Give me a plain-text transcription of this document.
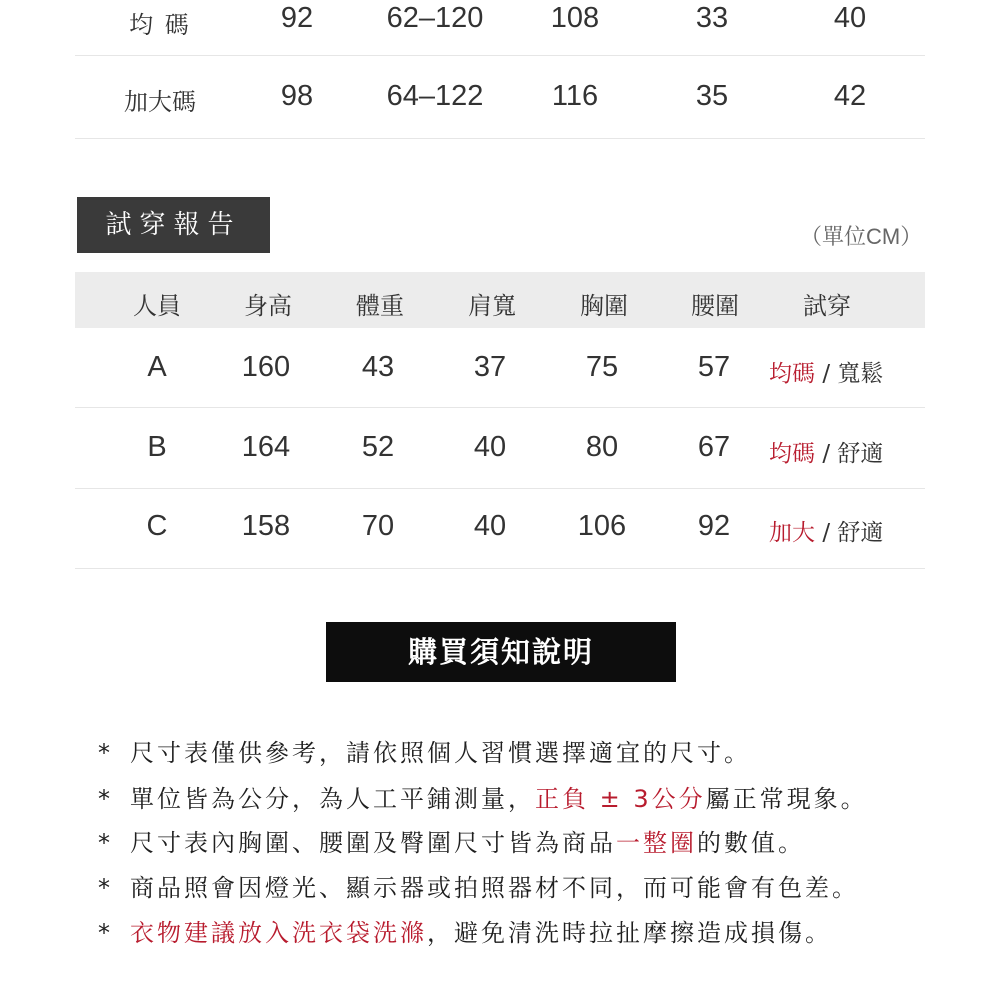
均 碼	92	62–120	108	33	40
加大碼	98	64–122	116	35	42
試穿報告	（單位CM）
人員	身高	體重	肩寬	胸圍	腰圍	試穿
A	160	43	37	75	57	均碼 / 寬鬆
B	164	52	40	80	67	均碼 / 舒適
C	158	70	40	106	92	加大 / 舒適
購買須知說明
* 尺寸表僅供參考，請依照個人習慣選擇適宜的尺寸。
* 單位皆為公分，為人工平鋪測量，正負 ± 3公分屬正常現象。
* 尺寸表內胸圍、腰圍及臀圍尺寸皆為商品一整圈的數值。
* 商品照會因燈光、顯示器或拍照器材不同，而可能會有色差。
* 衣物建議放入洗衣袋洗滌，避免清洗時拉扯摩擦造成損傷。
